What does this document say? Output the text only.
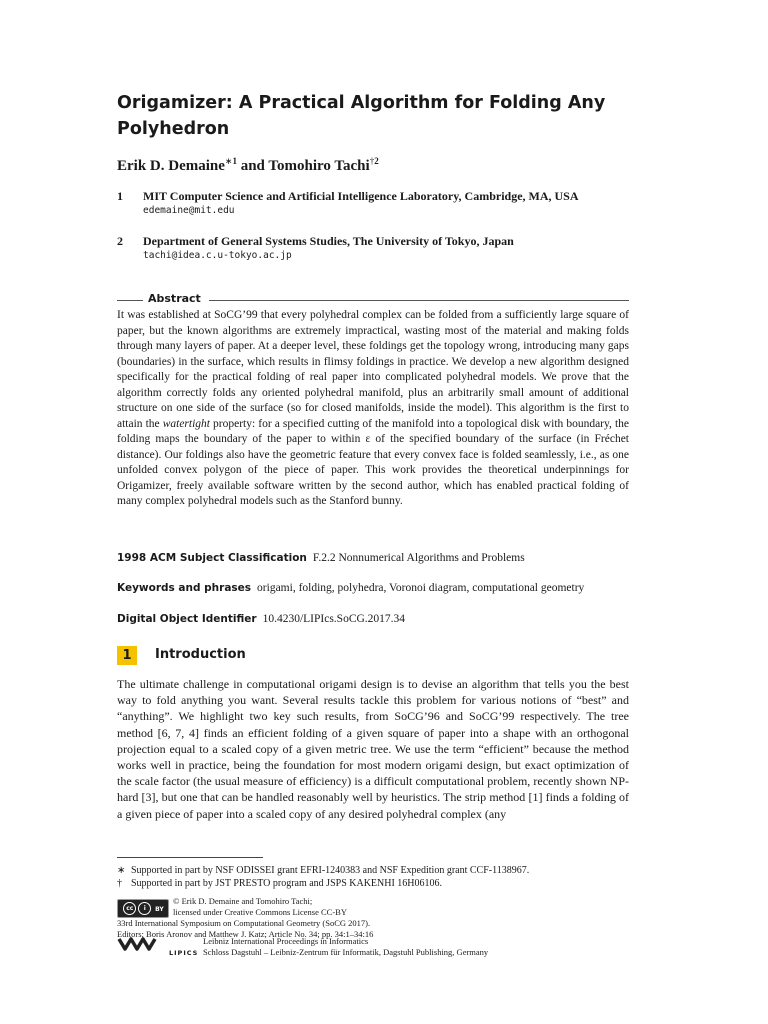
Origamizer: A Practical Algorithm for Folding Any Polyhedron
Erik D. Demaine$^{∗1}$ and Tomohiro Tachi$^{\dagger 2}$
1 MIT Computer Science and Artificial Intelligence Laboratory, Cambridge, MA, USA
edemaine@mit.edu
2 Department of General Systems Studies, The University of Tokyo, Japan
tachi@idea.c.u-tokyo.ac.jp
Abstract
It was established at SoCG’99 that every polyhedral complex can be folded from a sufficiently large square of paper, but the known algorithms are extremely impractical, wasting most of the material and making folds through many layers of paper. At a deeper level, these foldings get the topology wrong, introducing many gaps (boundaries) in the surface, which results in flimsy foldings in practice. We develop a new algorithm designed specifically for the practical folding of real paper into complicated polyhedral models. We prove that the algorithm correctly folds any oriented polyhedral manifold, plus an arbitrarily small amount of additional structure on one side of the surface (so for closed manifolds, inside the model). This algorithm is the first to attain the watertight property: for a specified cutting of the manifold into a topological disk with boundary, the folding maps the boundary of the paper to within ε of the specified boundary of the surface (in Fréchet distance). Our foldings also have the geometric feature that every convex face is folded seamlessly, i.e., as one unfolded convex polygon of the piece of paper. This work provides the theoretical underpinnings for Origamizer, freely available software written by the second author, which has enabled practical folding of many complex polyhedral models such as the Stanford bunny.
1998 ACM Subject Classification F.2.2 Nonnumerical Algorithms and Problems
Keywords and phrases origami, folding, polyhedra, Voronoi diagram, computational geometry
Digital Object Identifier 10.4230/LIPIcs.SoCG.2017.34
1	Introduction
The ultimate challenge in computational origami design is to devise an algorithm that tells you the best way to fold anything you want. Several results tackle this problem for various notions of “best” and “anything”. We highlight two key such results, from SoCG’96 and SoCG’99 respectively. The tree method [6, 7, 4] finds an efficient folding of a given square of paper into a shape with an orthogonal projection equal to a scaled copy of a given metric tree. We use the term “efficient” because the method works well in practice, being the foundation for most modern origami design, but exact optimization of the scale factor (the usual measure of efficiency) is a difficult computational problem, recently shown NP-hard [3], but one that can be handled reasonably well by heuristics. The strip method [1] finds a folding of a given piece of paper into a scaled copy of any desired polyhedral complex (any
∗ Supported in part by NSF ODISSEI grant EFRI-1240383 and NSF Expedition grant CCF-1138967.
† Supported in part by JST PRESTO program and JSPS KAKENHI 16H06106.
cc i BY
© Erik D. Demaine and Tomohiro Tachi;
licensed under Creative Commons License CC-BY
33rd International Symposium on Computational Geometry (SoCG 2017).
Editors: Boris Aronov and Matthew J. Katz; Article No. 34; pp. 34:1–34:16
LIPICS
Leibniz International Proceedings in Informatics
Schloss Dagstuhl – Leibniz-Zentrum für Informatik, Dagstuhl Publishing, Germany
